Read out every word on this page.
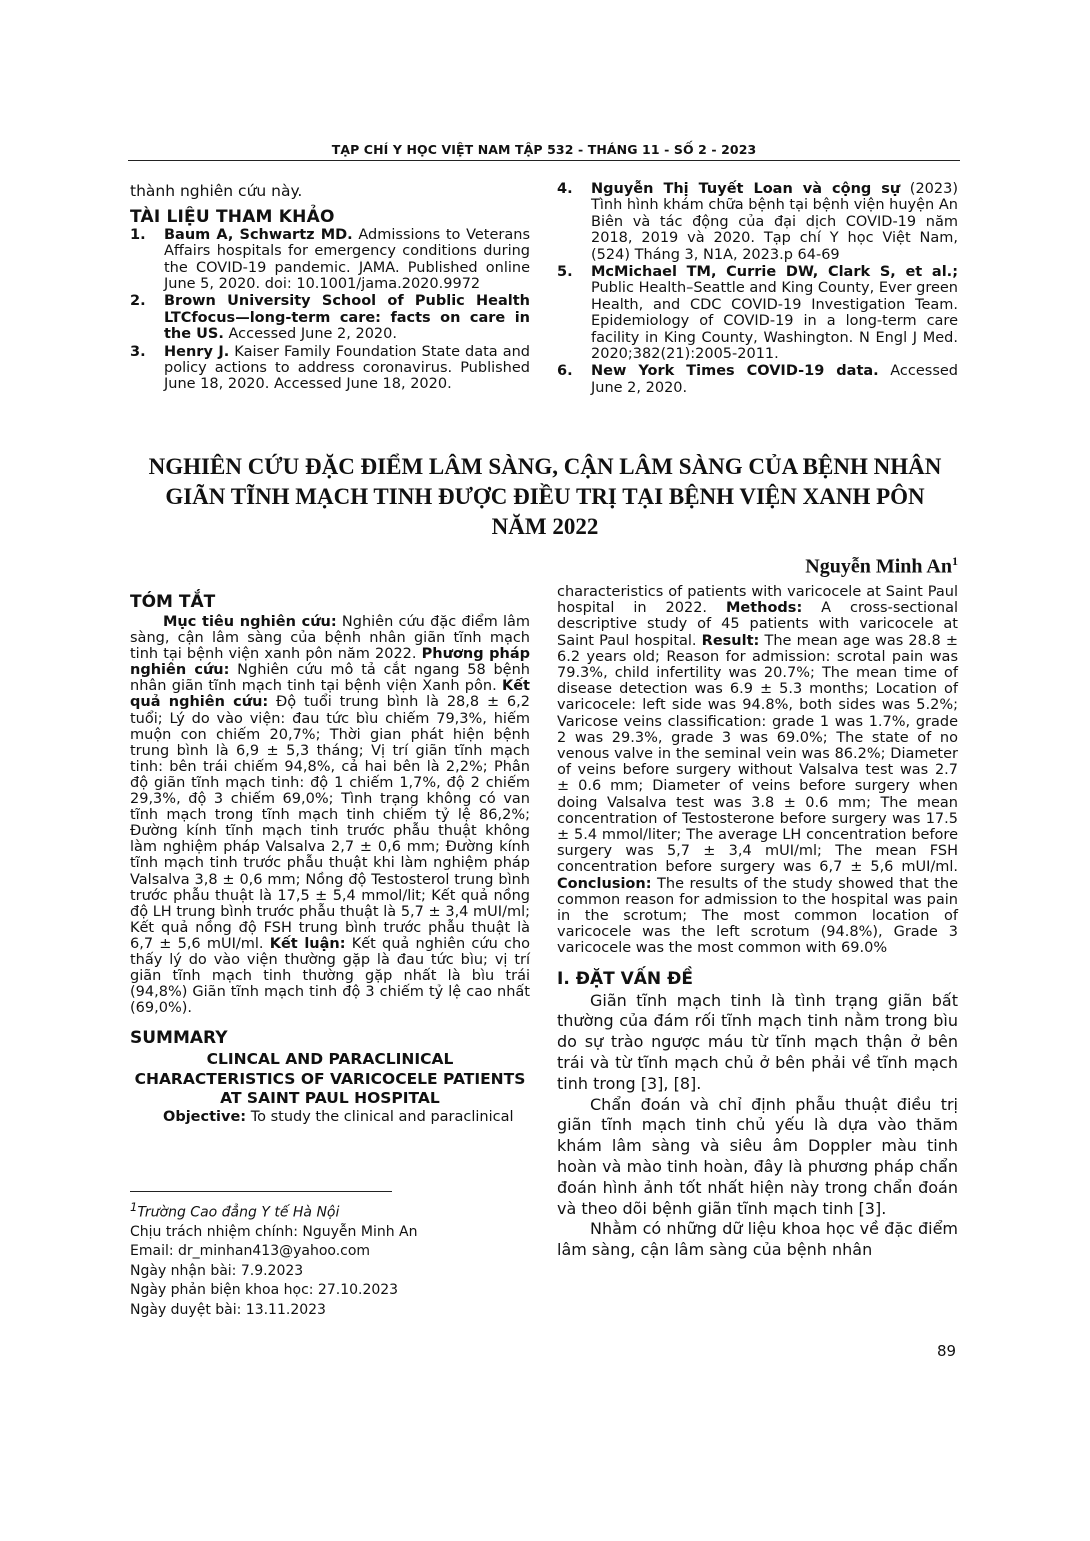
TẠP CHÍ Y HỌC VIỆT NAM TẬP 532 - THÁNG 11 - SỐ 2 - 2023

thành nghiên cứu này.

TÀI LIỆU THAM KHẢO
1. Baum A, Schwartz MD. Admissions to Veterans Affairs hospitals for emergency conditions during the COVID-19 pandemic. JAMA. Published online June 5, 2020. doi: 10.1001/jama.2020.9972
2. Brown University School of Public Health LTCfocus—long-term care: facts on care in the US. Accessed June 2, 2020.
3. Henry J. Kaiser Family Foundation State data and policy actions to address coronavirus. Published June 18, 2020. Accessed June 18, 2020.
4. Nguyễn Thị Tuyết Loan và cộng sự (2023) Tình hình khám chữa bệnh tại bệnh viện huyện An Biên và tác động của đại dịch COVID-19 năm 2018, 2019 và 2020. Tạp chí Y học Việt Nam, (524) Tháng 3, N1A, 2023.p 64-69
5. McMichael TM, Currie DW, Clark S, et al.; Public Health–Seattle and King County, Ever green Health, and CDC COVID-19 Investigation Team. Epidemiology of COVID-19 in a long-term care facility in King County, Washington. N Engl J Med. 2020;382(21):2005-2011.
6. New York Times COVID-19 data. Accessed June 2, 2020.
NGHIÊN CỨU ĐẶC ĐIỂM LÂM SÀNG, CẬN LÂM SÀNG CỦA BỆNH NHÂN GIÃN TĨNH MẠCH TINH ĐƯỢC ĐIỀU TRỊ TẠI BỆNH VIỆN XANH PÔN NĂM 2022
Nguyễn Minh An$^1$
TÓM TẮT

Mục tiêu nghiên cứu: Nghiên cứu đặc điểm lâm sàng, cận lâm sàng của bệnh nhân giãn tĩnh mạch tinh tại bệnh viện xanh pôn năm 2022. Phương pháp nghiên cứu: Nghiên cứu mô tả cắt ngang 58 bệnh nhân giãn tĩnh mạch tinh tại bệnh viện Xanh pôn. Kết quả nghiên cứu: Độ tuổi trung bình là 28,8 ± 6,2 tuổi; Lý do vào viện: đau tức bìu chiếm 79,3%, hiếm muộn con chiếm 20,7%; Thời gian phát hiện bệnh trung bình là 6,9 ± 5,3 tháng; Vị trí giãn tĩnh mạch tinh: bên trái chiếm 94,8%, cả hai bên là 2,2%; Phân độ giãn tĩnh mạch tinh: độ 1 chiếm 1,7%, độ 2 chiếm 29,3%, độ 3 chiếm 69,0%; Tình trạng không có van tĩnh mạch trong tĩnh mạch tinh chiếm tỷ lệ 86,2%; Đường kính tĩnh mạch tinh trước phẫu thuật không làm nghiệm pháp Valsalva 2,7 ± 0,6 mm; Đường kính tĩnh mạch tinh trước phẫu thuật khi làm nghiệm pháp Valsalva 3,8 ± 0,6 mm; Nồng độ Testosterol trung bình trước phẫu thuật là 17,5 ± 5,4 mmol/lit; Kết quả nồng độ LH trung bình trước phẫu thuật là 5,7 ± 3,4 mUI/ml; Kết quả nồng độ FSH trung bình trước phẫu thuật là 6,7 ± 5,6 mUI/ml. Kết luận: Kết quả nghiên cứu cho thấy lý do vào viện thường gặp là đau tức bìu; vị trí giãn tĩnh mạch tinh thường gặp nhất là bìu trái (94,8%) Giãn tĩnh mạch tinh độ 3 chiếm tỷ lệ cao nhất (69,0%).

SUMMARY
CLINCAL AND PARACLINICAL CHARACTERISTICS OF VARICOCELE PATIENTS AT SAINT PAUL HOSPITAL

Objective: To study the clinical and paraclinical

characteristics of patients with varicocele at Saint Paul hospital in 2022. Methods: A cross-sectional descriptive study of 45 patients with varicocele at Saint Paul hospital. Result: The mean age was 28.8 ± 6.2 years old; Reason for admission: scrotal pain was 79.3%, child infertility was 20.7%; The mean time of disease detection was 6.9 ± 5.3 months; Location of varicocele: left side was 94.8%, both sides was 5.2%; Varicose veins classification: grade 1 was 1.7%, grade 2 was 29.3%, grade 3 was 69.0%; The state of no venous valve in the seminal vein was 86.2%; Diameter of veins before surgery without Valsalva test was 2.7 ± 0.6 mm; Diameter of veins before surgery when doing Valsalva test was 3.8 ± 0.6 mm; The mean concentration of Testosterone before surgery was 17.5 ± 5.4 mmol/liter; The average LH concentration before surgery was 5,7 ± 3,4 mUI/ml; The mean FSH concentration before surgery was 6,7 ± 5,6 mUI/ml. Conclusion: The results of the study showed that the common reason for admission to the hospital was pain in the scrotum; The most common location of varicocele was the left scrotum (94.8%), Grade 3 varicocele was the most common with 69.0%

I. ĐẶT VẤN ĐỀ

Giãn tĩnh mạch tinh là tình trạng giãn bất thường của đám rối tĩnh mạch tinh nằm trong bìu do sự trào ngược máu từ tĩnh mạch thận ở bên trái và từ tĩnh mạch chủ ở bên phải về tĩnh mạch tinh trong [3], [8].

Chẩn đoán và chỉ định phẫu thuật điều trị giãn tĩnh mạch tinh chủ yếu là dựa vào thăm khám lâm sàng và siêu âm Doppler màu tinh hoàn và mào tinh hoàn, đây là phương pháp chẩn đoán hình ảnh tốt nhất hiện này trong chẩn đoán và theo dõi bệnh giãn tĩnh mạch tinh [3].

Nhằm có những dữ liệu khoa học về đặc điểm lâm sàng, cận lâm sàng của bệnh nhân

$^1$Trường Cao đẳng Y tế Hà Nội
Chịu trách nhiệm chính: Nguyễn Minh An
Email: dr_minhan413@yahoo.com
Ngày nhận bài: 7.9.2023
Ngày phản biện khoa học: 27.10.2023
Ngày duyệt bài: 13.11.2023
89
